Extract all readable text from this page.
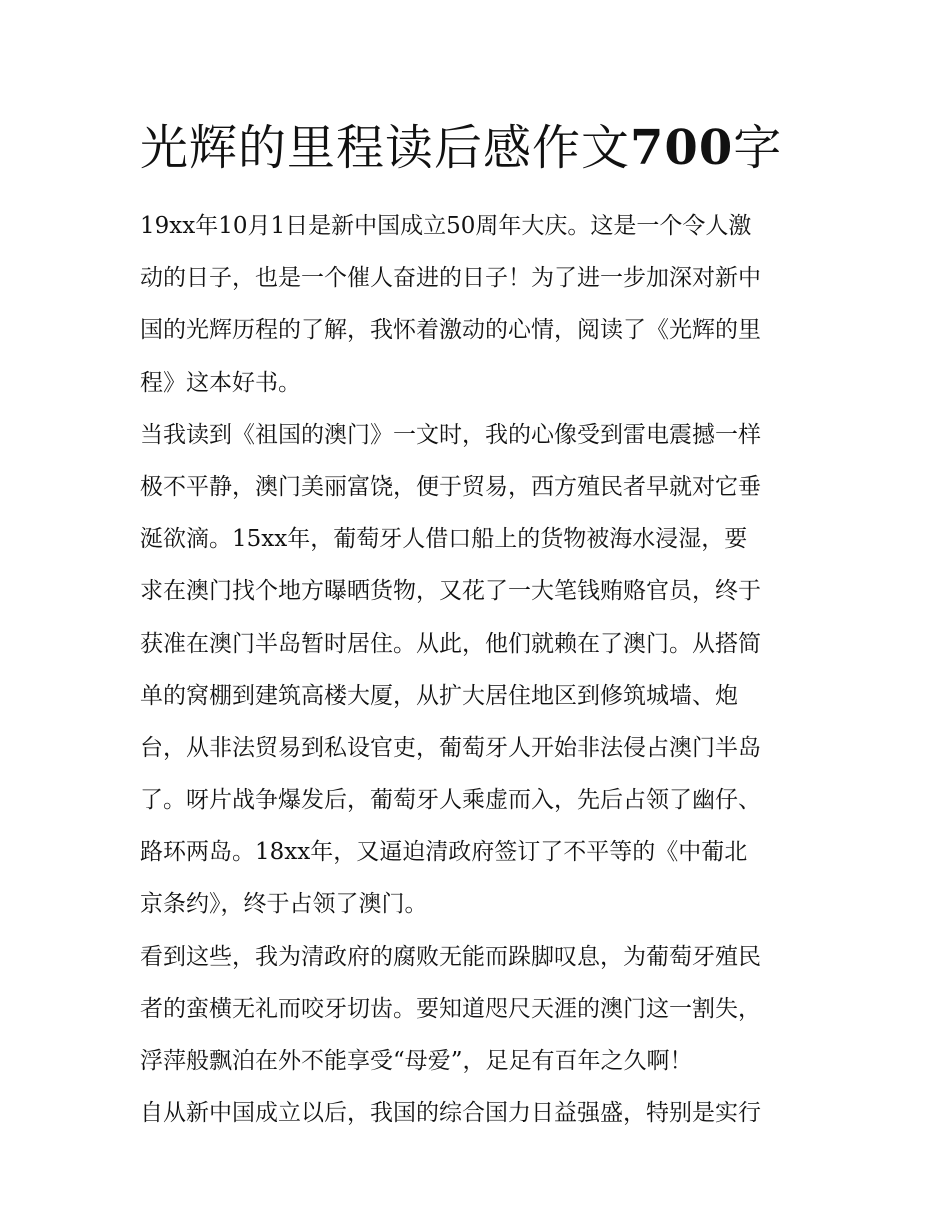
光辉的里程读后感作文700字

19xx年10月1日是新中国成立50周年大庆。这是一个令人激
动的日子，也是一个催人奋进的日子！为了进一步加深对新中
国的光辉历程的了解，我怀着激动的心情，阅读了《光辉的里
程》这本好书。

当我读到《祖国的澳门》一文时，我的心像受到雷电震撼一样
极不平静，澳门美丽富饶，便于贸易，西方殖民者早就对它垂
涎欲滴。15xx年，葡萄牙人借口船上的货物被海水浸湿，要
求在澳门找个地方曝晒货物，又花了一大笔钱贿赂官员，终于
获准在澳门半岛暂时居住。从此，他们就赖在了澳门。从搭简
单的窝棚到建筑高楼大厦，从扩大居住地区到修筑城墙、炮
台，从非法贸易到私设官吏，葡萄牙人开始非法侵占澳门半岛
了。呀片战争爆发后，葡萄牙人乘虚而入，先后占领了幽仔、
路环两岛。18xx年，又逼迫清政府签订了不平等的《中葡北
京条约》，终于占领了澳门。

看到这些，我为清政府的腐败无能而跺脚叹息，为葡萄牙殖民
者的蛮横无礼而咬牙切齿。要知道咫尺天涯的澳门这一割失，
浮萍般飘泊在外不能享受“母爱”，足足有百年之久啊！

自从新中国成立以后，我国的综合国力日益强盛，特别是实行
